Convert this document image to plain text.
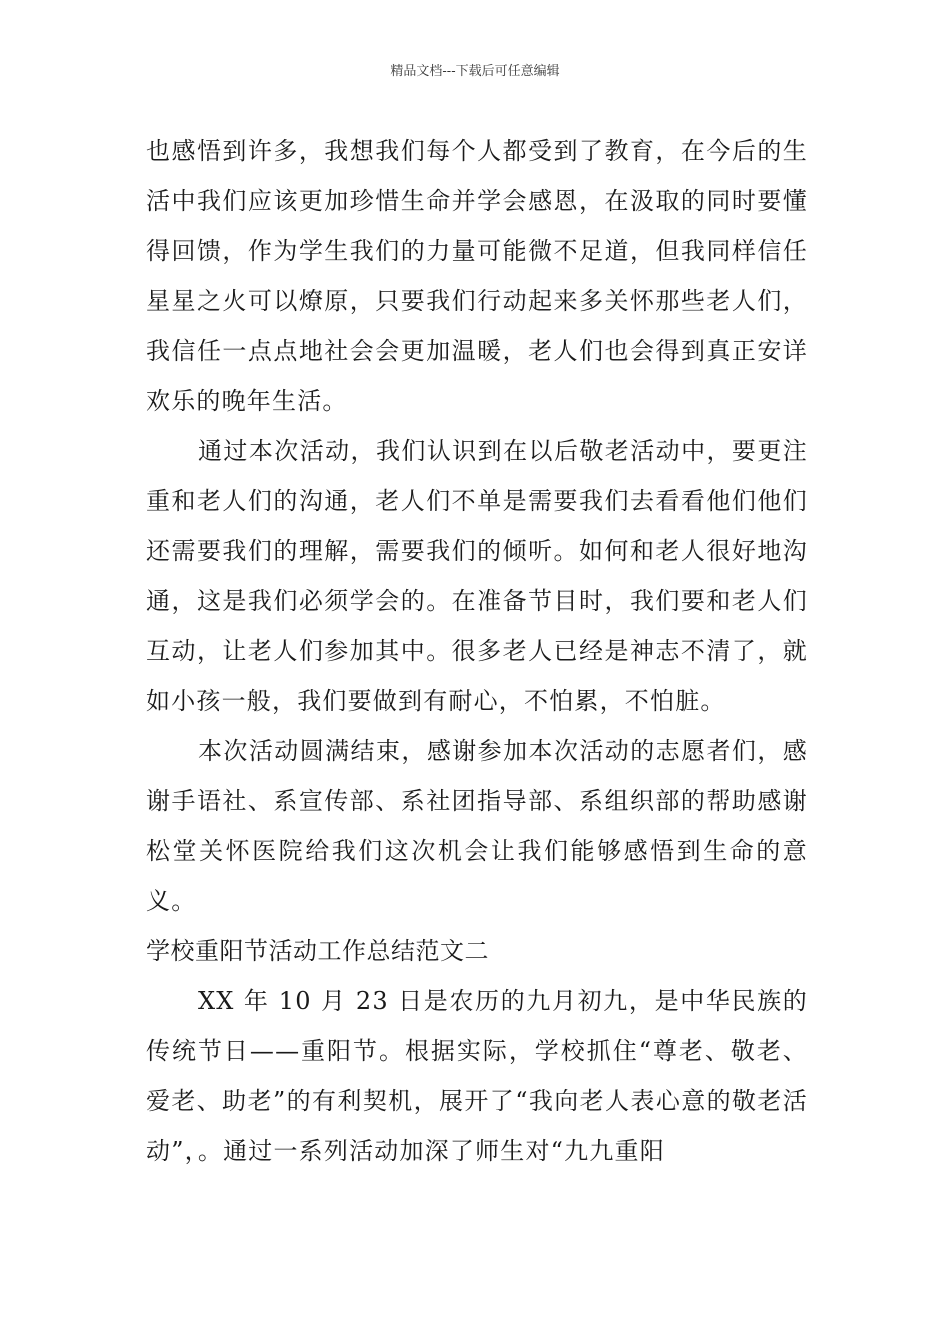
精品文档---下载后可任意编辑

也感悟到许多，我想我们每个人都受到了教育，在今后的生活中我们应该更加珍惜生命并学会感恩，在汲取的同时要懂得回馈，作为学生我们的力量可能微不足道，但我同样信任星星之火可以燎原，只要我们行动起来多关怀那些老人们，我信任一点点地社会会更加温暖，老人们也会得到真正安详欢乐的晚年生活。

通过本次活动，我们认识到在以后敬老活动中，要更注重和老人们的沟通，老人们不单是需要我们去看看他们他们还需要我们的理解，需要我们的倾听。如何和老人很好地沟通，这是我们必须学会的。在准备节目时，我们要和老人们互动，让老人们参加其中。很多老人已经是神志不清了，就如小孩一般，我们要做到有耐心，不怕累，不怕脏。

本次活动圆满结束，感谢参加本次活动的志愿者们，感谢手语社、系宣传部、系社团指导部、系组织部的帮助感谢松堂关怀医院给我们这次机会让我们能够感悟到生命的意义。

学校重阳节活动工作总结范文二

XX 年 10 月 23 日是农历的九月初九，是中华民族的传统节日——重阳节。根据实际，学校抓住“尊老、敬老、爱老、助老”的有利契机，展开了“我向老人表心意的敬老活动”，。通过一系列活动加深了师生对“九九重阳
